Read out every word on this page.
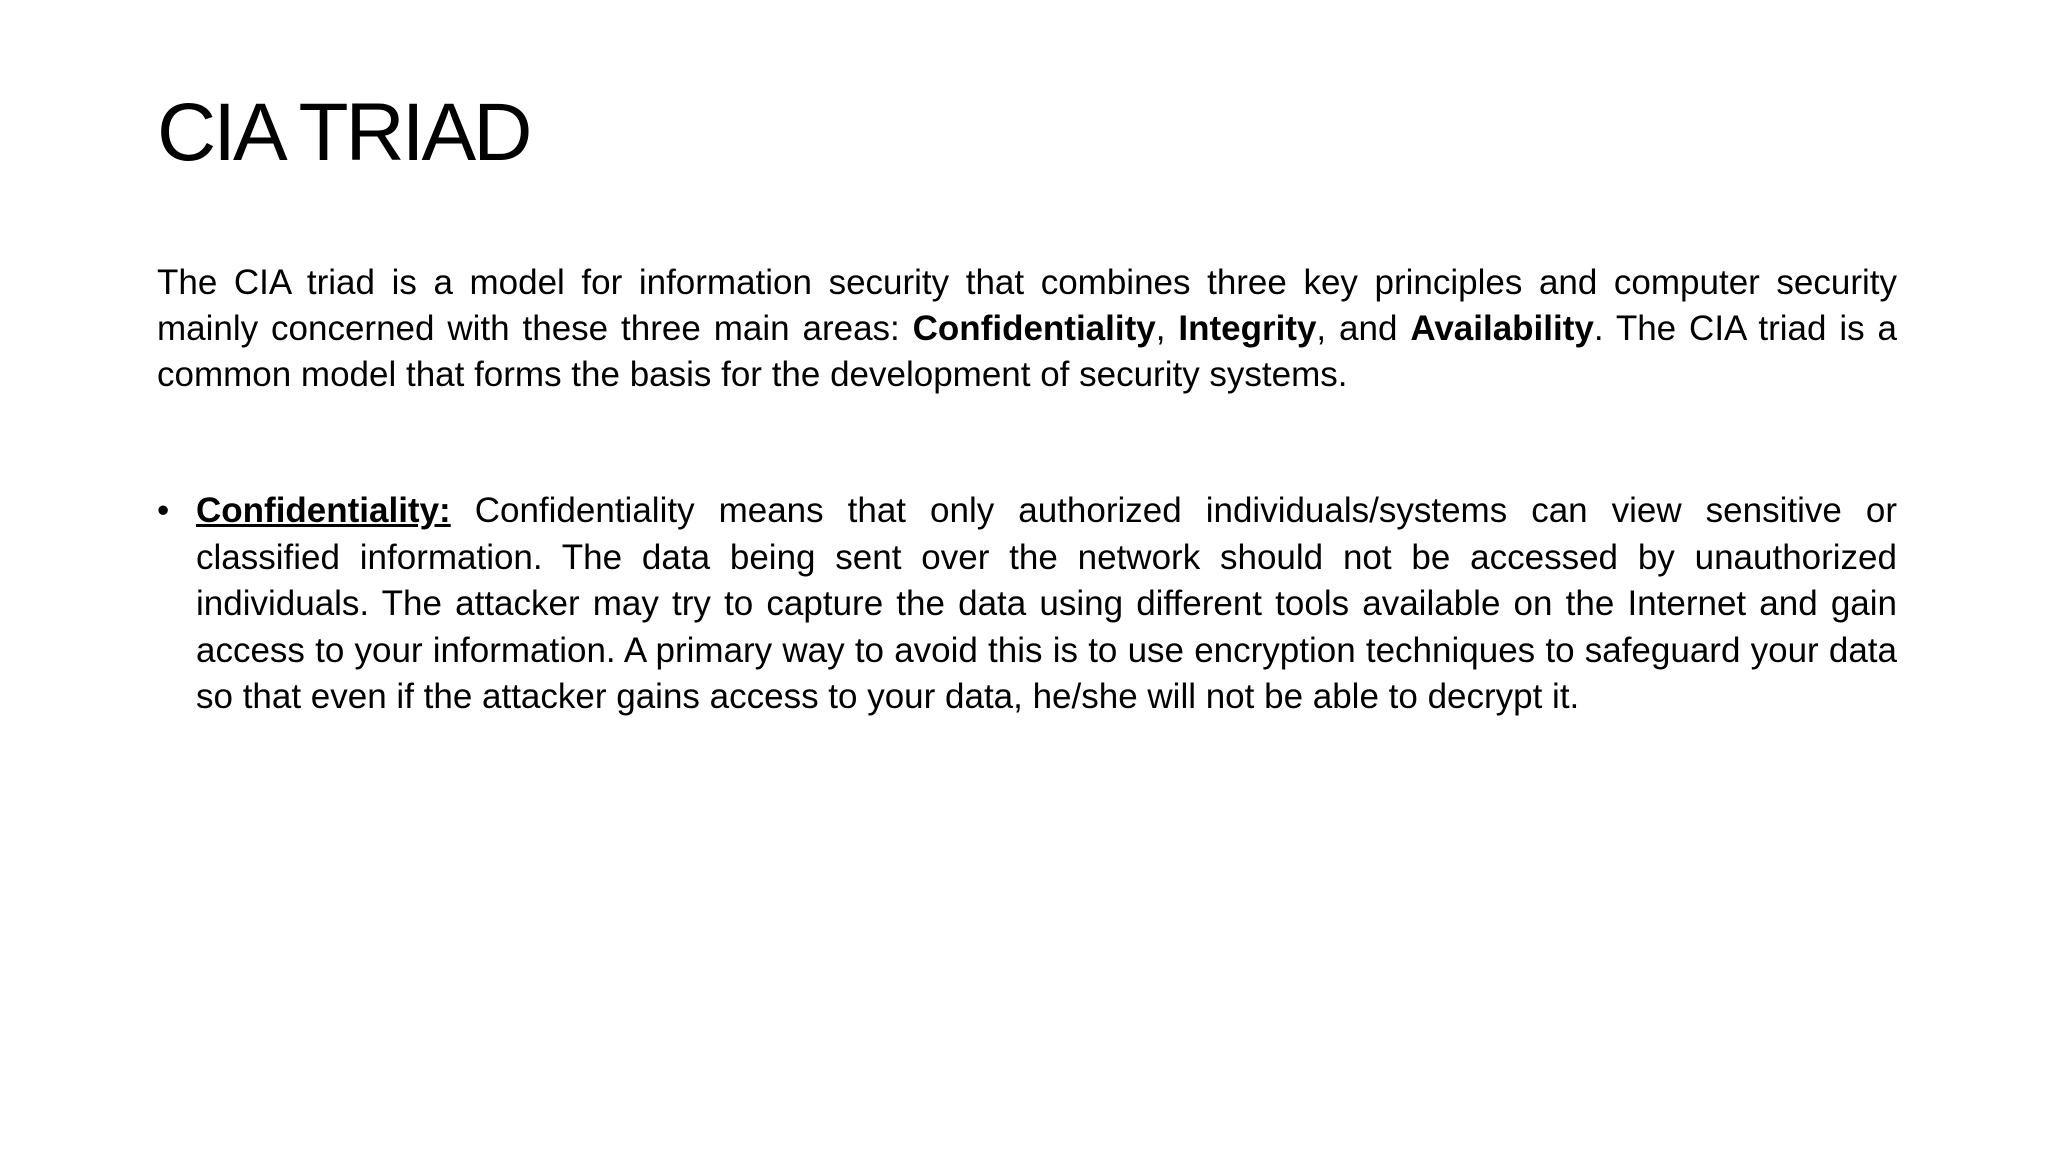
CIA TRIAD

The CIA triad is a model for information security that combines three key principles and computer security mainly concerned with these three main areas: Confidentiality, Integrity, and Availability. The CIA triad is a common model that forms the basis for the development of security systems.

• Confidentiality: Confidentiality means that only authorized individuals/systems can view sensitive or classified information. The data being sent over the network should not be accessed by unauthorized individuals. The attacker may try to capture the data using different tools available on the Internet and gain access to your information. A primary way to avoid this is to use encryption techniques to safeguard your data so that even if the attacker gains access to your data, he/she will not be able to decrypt it.
